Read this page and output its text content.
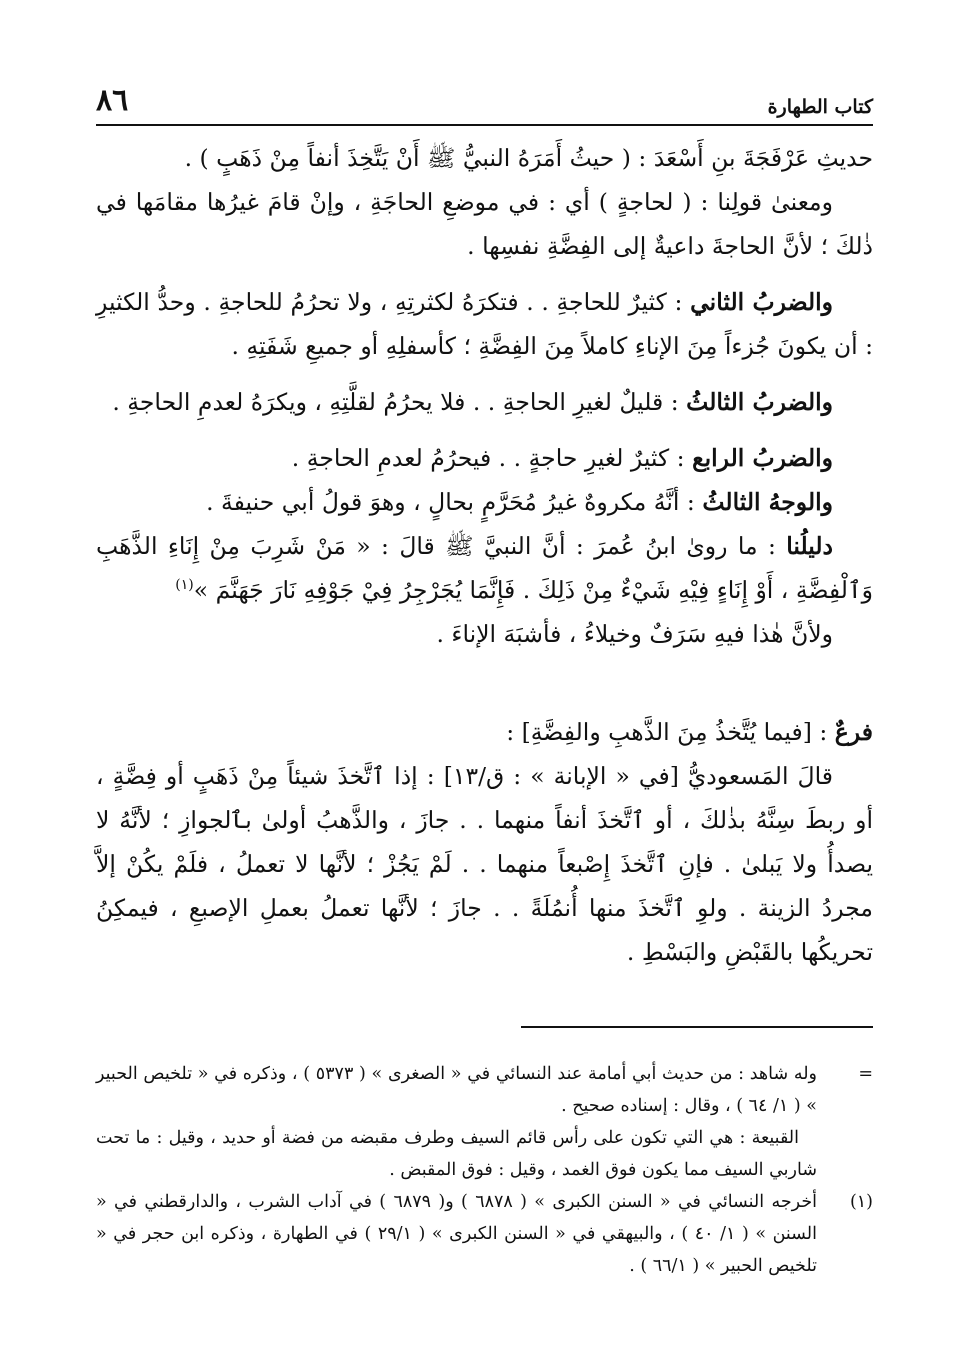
٨٦	كتاب الطهارة

حديثِ عَرْفَجَةَ بنِ أَسْعَدَ : ( حيثُ أَمَرَهُ النبيُّ ﷺ أَنْ يَتَّخِذَ أنفاً مِنْ ذَهَبٍ ) .

ومعنىٰ قولِنا : ( لحاجةٍ ) أي : في موضعِ الحاجَةِ ، وإنْ قامَ غيرُها مقامَها في ذٰلكَ ؛ لأنَّ الحاجةَ داعيةٌ إلى الفِضَّةِ نفسِها .

والضربُ الثاني : كثيرٌ للحاجةِ . . فتكرَهُ لكثرتِهِ ، ولا تحرُمُ للحاجةِ . وحدُّ الكثيرِ : أن يكونَ جُزءاً مِنَ الإناءِ كاملاً مِنَ الفِضَّةِ ؛ كأسفلِهِ أو جميعِ شَفَتِهِ .

والضربُ الثالثُ : قليلٌ لغيرِ الحاجةِ . . فلا يحرُمُ لقلَّتِهِ ، ويكرَهُ لعدمِ الحاجةِ .

والضربُ الرابع : كثيرٌ لغيرِ حاجةٍ . . فيحرُمُ لعدمِ الحاجةِ .

والوجهُ الثالثُ : أنَّهُ مكروهٌ غيرُ مُحَرَّمٍ بحالٍ ، وهوَ قولُ أبي حنيفةَ .

دليلُنا : ما روىٰ ابنُ عُمرَ : أنَّ النبيَّ ﷺ قالَ : « مَنْ شَرِبَ مِنْ إِنَاءِ الذَّهَبِ وَٱلْفِضَّةِ ، أَوْ إِنَاءٍ فِيْهِ شَيْءٌ مِنْ ذَلِكَ . فَإِنَّمَا يُجَرْجِرُ فِيْ جَوْفِهِ نَارَ جَهَنَّمَ »$^{(١)}$

ولأنَّ هٰذا فيهِ سَرَفٌ وخيلاءُ ، فأشبَهَ الإناءَ .

فرعٌ : [فيما يُتَّخذُ مِنَ الذَّهبِ والفِضَّةِ] :

قالَ المَسعوديُّ [في « الإبانة » : ق/١٣] : إذا ٱتَّخذَ شيئاً مِنْ ذَهَبٍ أو فِضَّةٍ ، أو ربطَ سِنَّهُ بذٰلكَ ، أو ٱتَّخذَ أنفاً منهما . . جازَ ، والذَّهبُ أولىٰ بٱلجوازِ ؛ لأنَّهُ لا يصدأُ ولا يَبلىٰ . فإنِ ٱتَّخذَ إِصْبعاً منهما . . لَمْ يَجُزْ ؛ لأنَّها لا تعملُ ، فلَمْ يكُنْ إلاَّ مجردُ الزينة . ولوِ ٱتَّخذَ منها أُنمُلَةً . . جازَ ؛ لأنَّها تعملُ بعملِ الإصبعِ ، فيمكِنُ تحريكُها بالقَبْضِ والبَسْطِ .

=
وله شاهد : من حديث أبي أمامة عند النسائي في « الصغرى » ( ٥٣٧٣ ) ، وذكره في « تلخيص الحبير » ( ١/ ٦٤ ) ، وقال : إسناده صحيح .

القبيعة : هي التي تكون على رأس قائم السيف وطرف مقبضه من فضة أو حديد ، وقيل : ما تحت شاربي السيف مما يكون فوق الغمد ، وقيل : فوق المقبض .

(١)
أخرجه النسائي في « السنن الكبرى » ( ٦٨٧٨ ) و( ٦٨٧٩ ) في آداب الشرب ، والدارقطني في « السنن » ( ١/ ٤٠ ) ، والبيهقي في « السنن الكبرى » ( ٢٩/١ ) في الطهارة ، وذكره ابن حجر في « تلخيص الحبير » ( ٦٦/١ ) .
